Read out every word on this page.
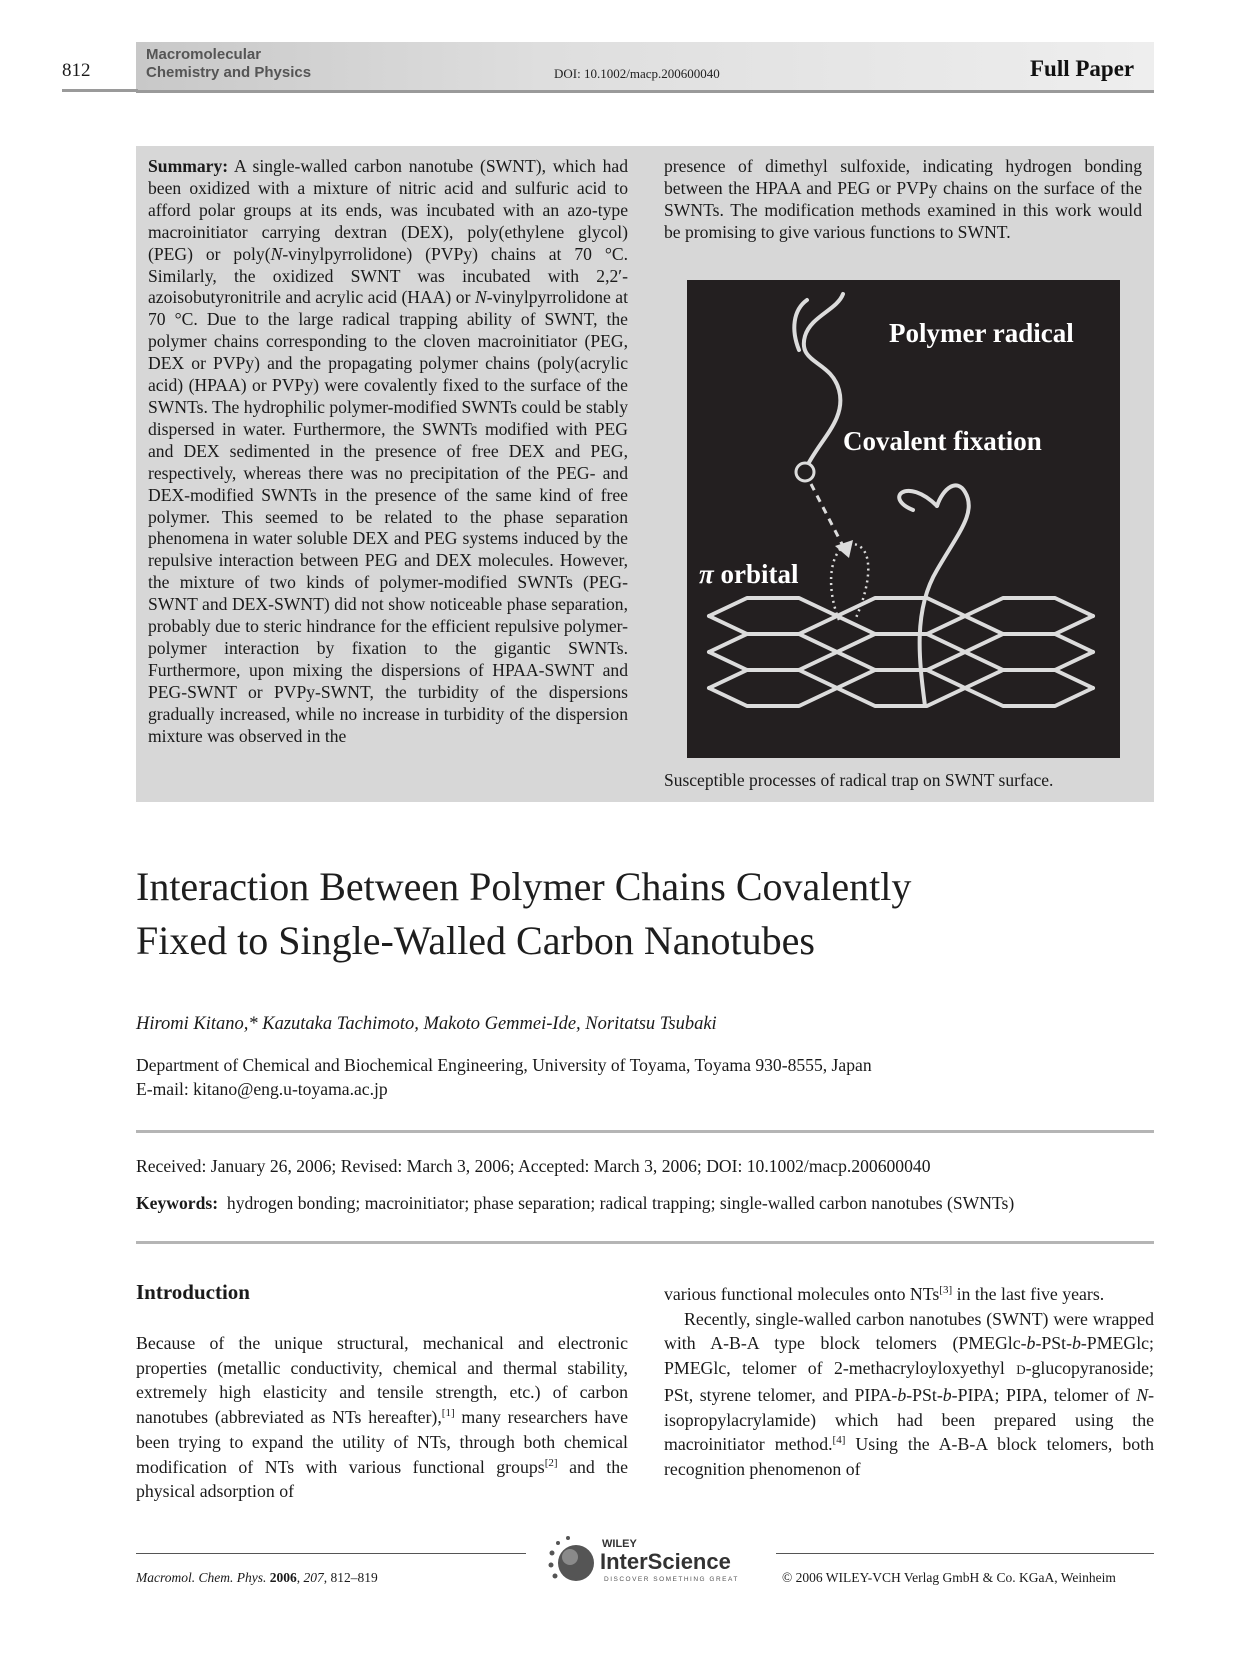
812
Macromolecular
Chemistry and Physics	DOI: 10.1002/macp.200600040	Full Paper
Summary: A single-walled carbon nanotube (SWNT), which had been oxidized with a mixture of nitric acid and sulfuric acid to afford polar groups at its ends, was incubated with an azo-type macroinitiator carrying dextran (DEX), poly(ethylene glycol) (PEG) or poly(N-vinylpyrrolidone) (PVPy) chains at 70 °C. Similarly, the oxidized SWNT was incubated with 2,2′-azoisobutyronitrile and acrylic acid (HAA) or N-vinylpyrrolidone at 70 °C. Due to the large radical trapping ability of SWNT, the polymer chains corresponding to the cloven macroinitiator (PEG, DEX or PVPy) and the propagating polymer chains (poly(acrylic acid) (HPAA) or PVPy) were covalently fixed to the surface of the SWNTs. The hydrophilic polymer-modified SWNTs could be stably dispersed in water. Furthermore, the SWNTs modified with PEG and DEX sedimented in the presence of free DEX and PEG, respectively, whereas there was no precipitation of the PEG- and DEX-modified SWNTs in the presence of the same kind of free polymer. This seemed to be related to the phase separation phenomena in water soluble DEX and PEG systems induced by the repulsive interaction between PEG and DEX molecules. However, the mixture of two kinds of polymer-modified SWNTs (PEG-SWNT and DEX-SWNT) did not show noticeable phase separation, probably due to steric hindrance for the efficient repulsive polymer-polymer interaction by fixation to the gigantic SWNTs. Furthermore, upon mixing the dispersions of HPAA-SWNT and PEG-SWNT or PVPy-SWNT, the turbidity of the dispersions gradually increased, while no increase in turbidity of the dispersion mixture was observed in the
presence of dimethyl sulfoxide, indicating hydrogen bonding between the HPAA and PEG or PVPy chains on the surface of the SWNTs. The modification methods examined in this work would be promising to give various functions to SWNT.
Polymer radical
Covalent fixation
π orbital
Susceptible processes of radical trap on SWNT surface.
Interaction Between Polymer Chains Covalently
Fixed to Single-Walled Carbon Nanotubes
Hiromi Kitano,* Kazutaka Tachimoto, Makoto Gemmei-Ide, Noritatsu Tsubaki
Department of Chemical and Biochemical Engineering, University of Toyama, Toyama 930-8555, Japan
E-mail: kitano@eng.u-toyama.ac.jp
Received: January 26, 2006; Revised: March 3, 2006; Accepted: March 3, 2006; DOI: 10.1002/macp.200600040
Keywords: hydrogen bonding; macroinitiator; phase separation; radical trapping; single-walled carbon nanotubes (SWNTs)
Introduction
Because of the unique structural, mechanical and electronic properties (metallic conductivity, chemical and thermal stability, extremely high elasticity and tensile strength, etc.) of carbon nanotubes (abbreviated as NTs hereafter),[1] many researchers have been trying to expand the utility of NTs, through both chemical modification of NTs with various functional groups[2] and the physical adsorption of
various functional molecules onto NTs[3] in the last five years.
Recently, single-walled carbon nanotubes (SWNT) were wrapped with A-B-A type block telomers (PMEGlc-b-PSt-b-PMEGlc; PMEGlc, telomer of 2-methacryloyloxyethyl D-glucopyranoside; PSt, styrene telomer, and PIPA-b-PSt-b-PIPA; PIPA, telomer of N-isopropylacrylamide) which had been prepared using the macroinitiator method.[4] Using the A-B-A block telomers, both recognition phenomenon of
Macromol. Chem. Phys. 2006, 207, 812–819
WILEY
InterScience
DISCOVER SOMETHING GREAT	© 2006 WILEY-VCH Verlag GmbH & Co. KGaA, Weinheim
